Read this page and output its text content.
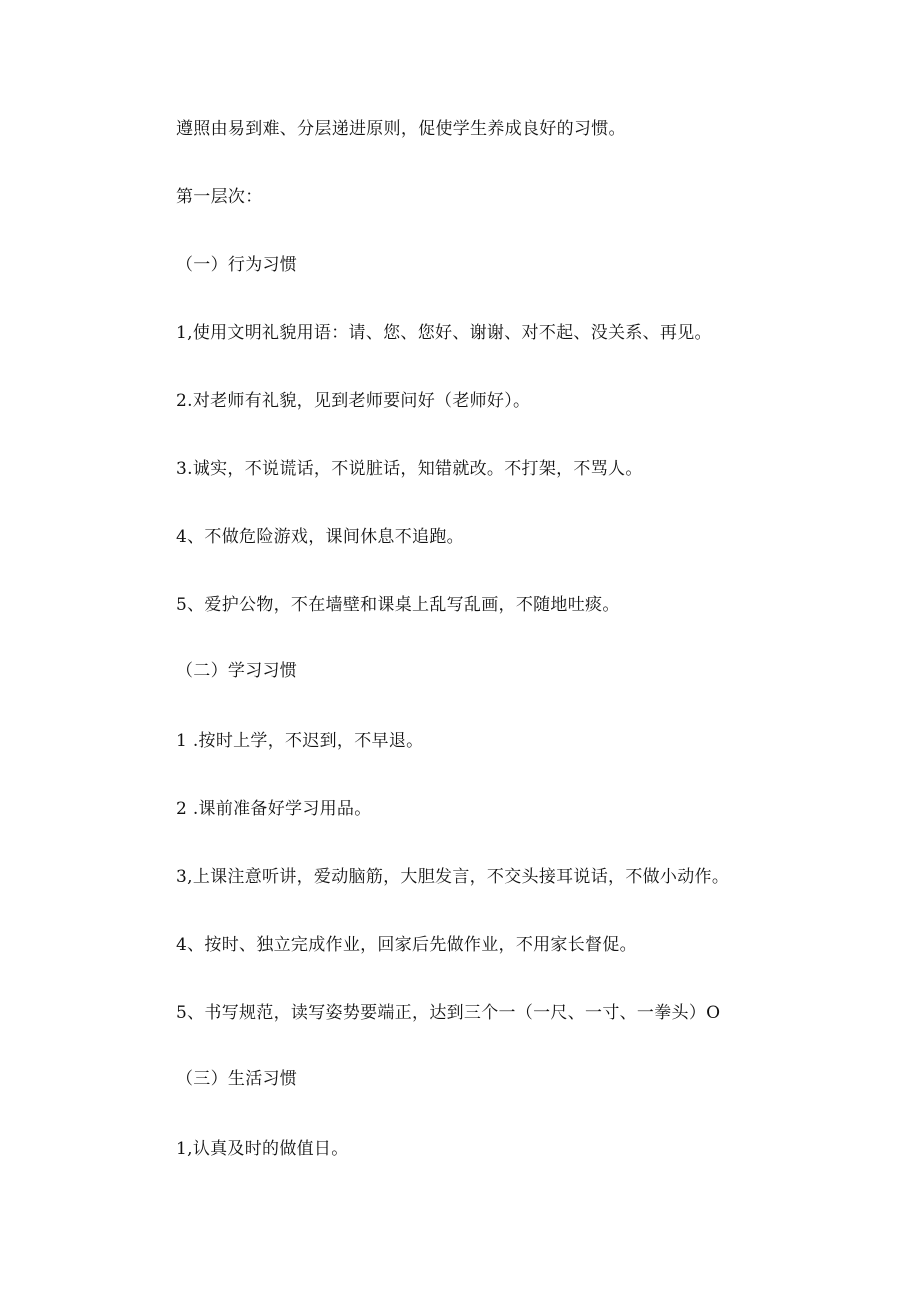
遵照由易到难、分层递进原则，促使学生养成良好的习惯。
第一层次：
（一）行为习惯
1,使用文明礼貌用语：请、您、您好、谢谢、对不起、没关系、再见。
2.对老师有礼貌，见到老师要问好（老师好）。
3.诚实，不说谎话，不说脏话，知错就改。不打架，不骂人。
4、不做危险游戏，课间休息不追跑。
5、爱护公物，不在墙壁和课桌上乱写乱画，不随地吐痰。
（二）学习习惯
1 .按时上学，不迟到，不早退。
2 .课前准备好学习用品。
3,上课注意听讲，爱动脑筋，大胆发言，不交头接耳说话，不做小动作。
4、按时、独立完成作业，回家后先做作业，不用家长督促。
5、书写规范，读写姿势要端正，达到三个一（一尺、一寸、一拳头）O
（三）生活习惯
1,认真及时的做值日。
